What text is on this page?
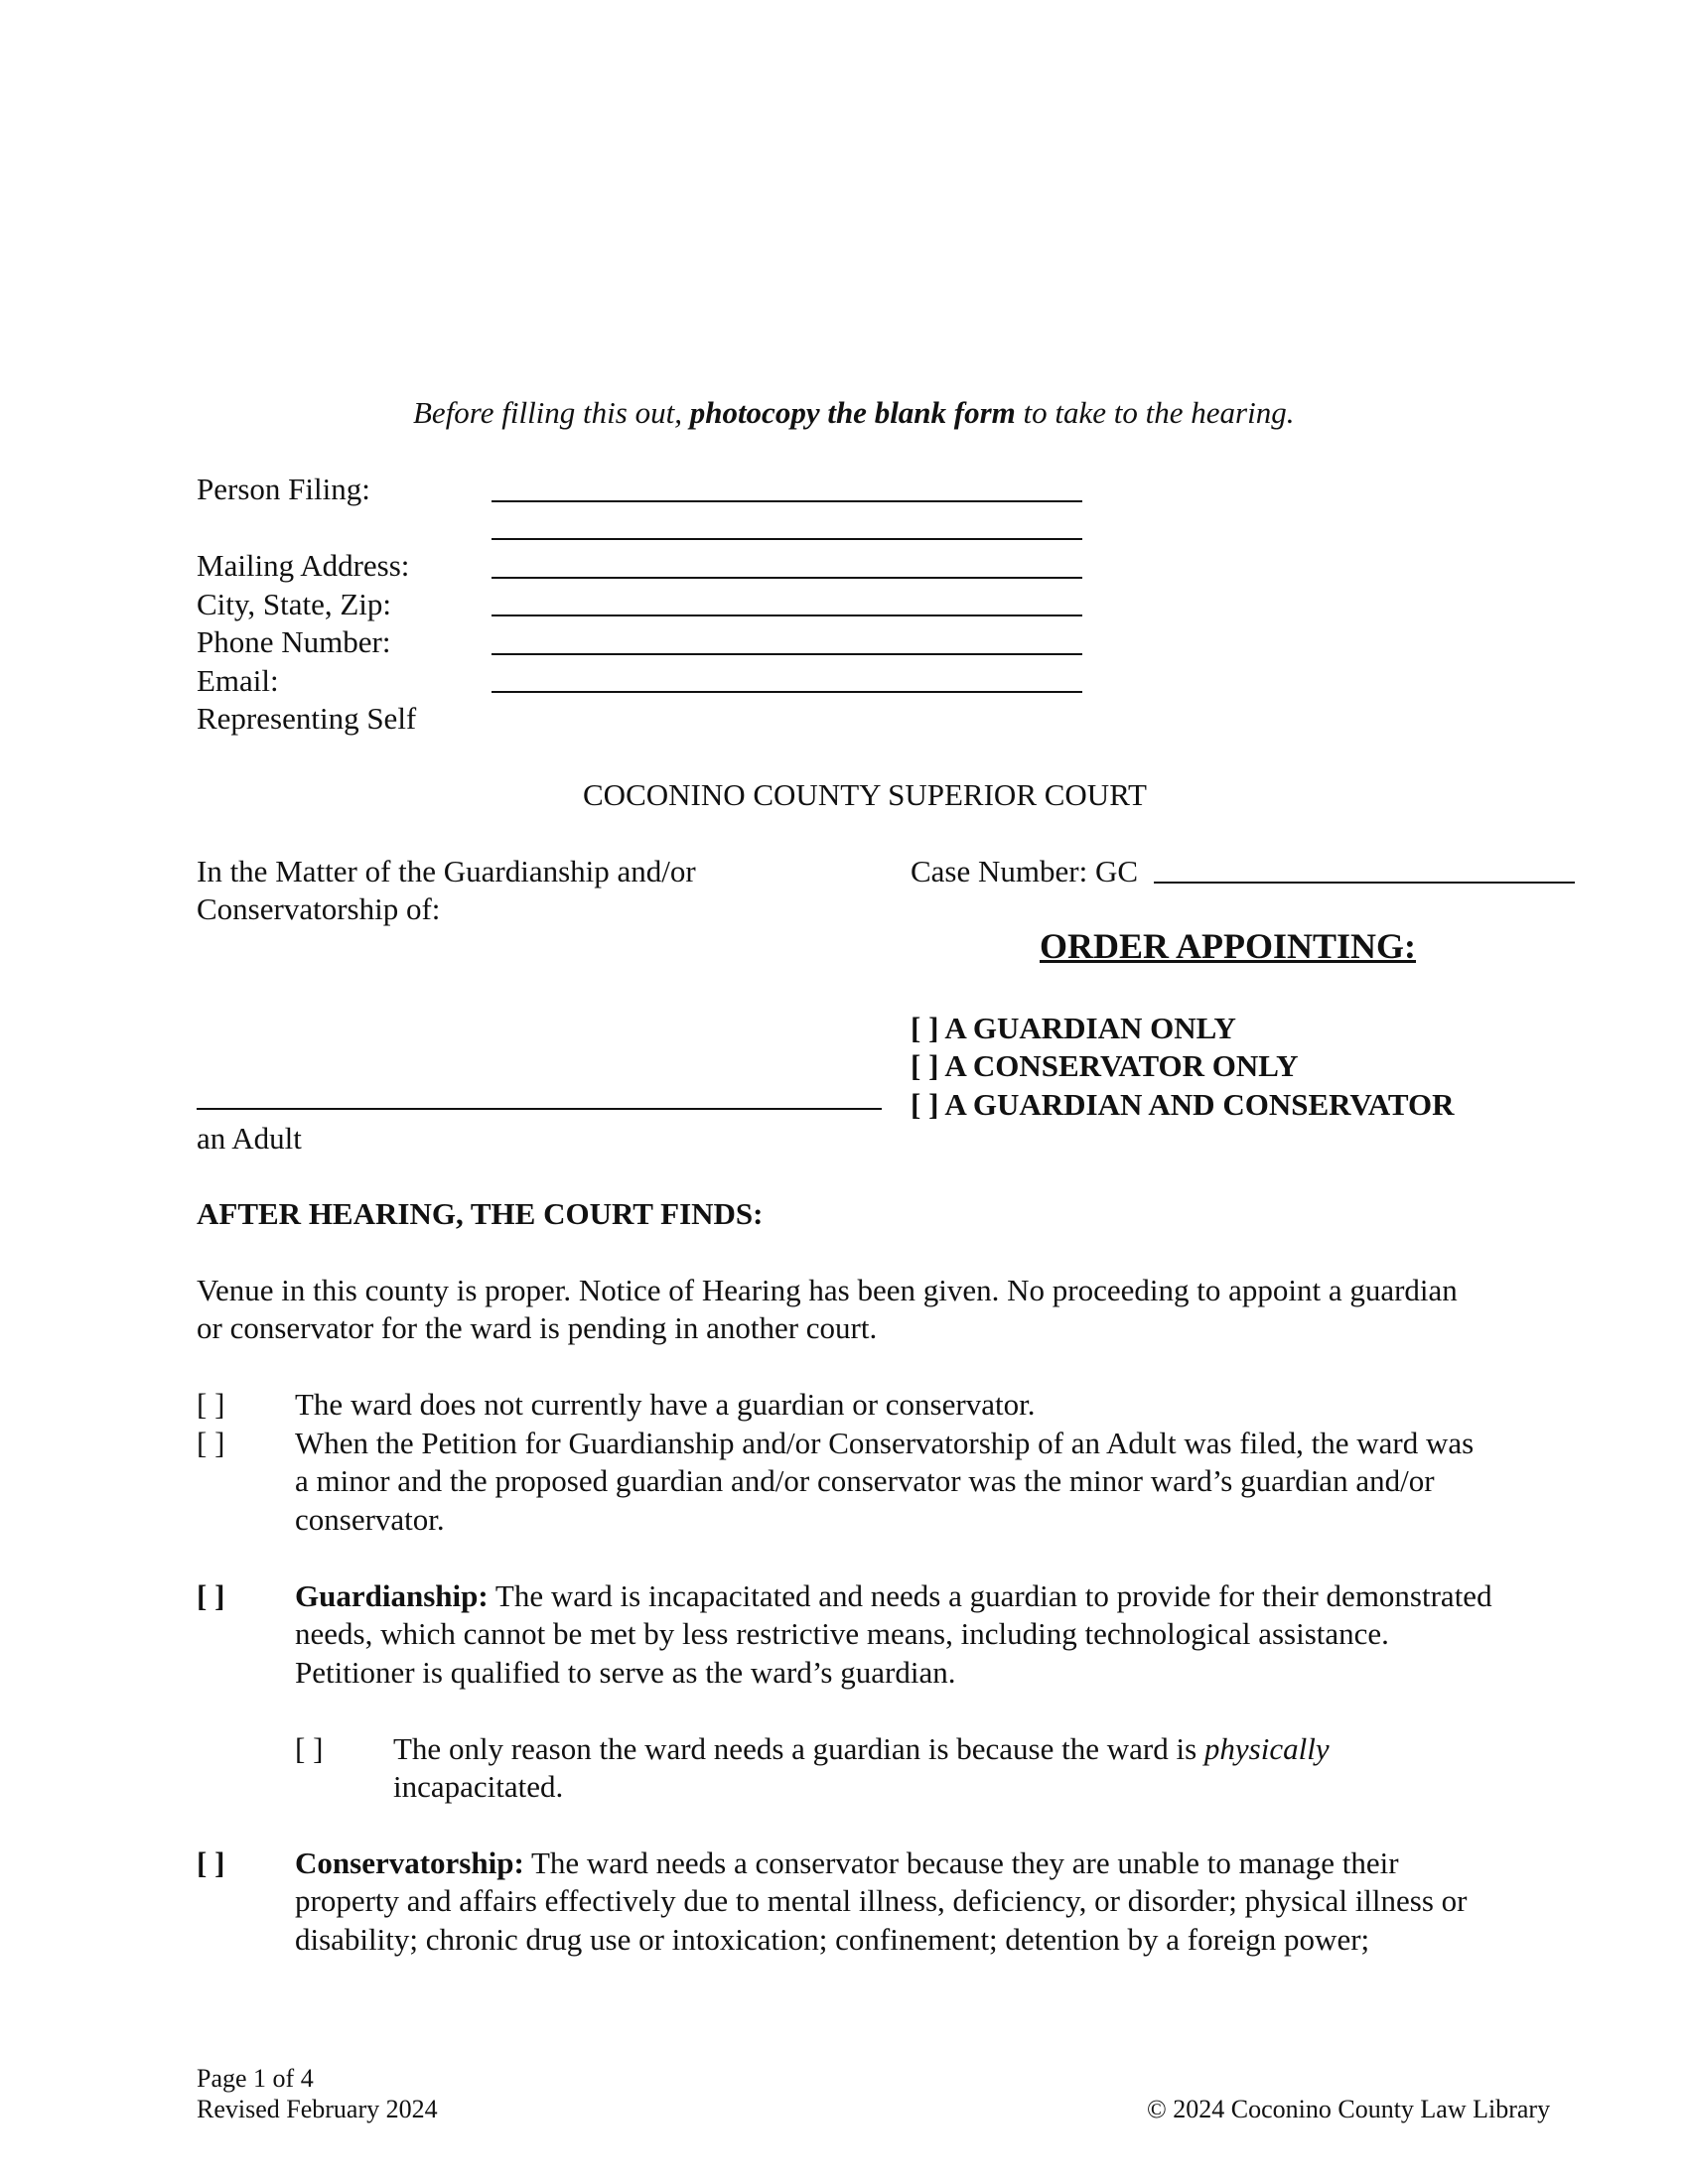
Before filling this out, photocopy the blank form to take to the hearing.
Person Filing:
Mailing Address:
City, State, Zip:
Phone Number:
Email:
Representing Self
COCONINO COUNTY SUPERIOR COURT
In the Matter of the Guardianship and/or
Conservatorship of:
an Adult
Case Number: GC
ORDER APPOINTING:
[ ] A GUARDIAN ONLY
[ ] A CONSERVATOR ONLY
[ ] A GUARDIAN AND CONSERVATOR
AFTER HEARING, THE COURT FINDS:
Venue in this county is proper. Notice of Hearing has been given. No proceeding to appoint a guardian
or conservator for the ward is pending in another court.
[ ] The ward does not currently have a guardian or conservator.
[ ] When the Petition for Guardianship and/or Conservatorship of an Adult was filed, the ward was
a minor and the proposed guardian and/or conservator was the minor ward’s guardian and/or
conservator.
[ ] Guardianship: The ward is incapacitated and needs a guardian to provide for their demonstrated
needs, which cannot be met by less restrictive means, including technological assistance.
Petitioner is qualified to serve as the ward’s guardian.
[ ] The only reason the ward needs a guardian is because the ward is physically
incapacitated.
[ ] Conservatorship: The ward needs a conservator because they are unable to manage their
property and affairs effectively due to mental illness, deficiency, or disorder; physical illness or
disability; chronic drug use or intoxication; confinement; detention by a foreign power;
Page 1 of 4
Revised February 2024	© 2024 Coconino County Law Library
